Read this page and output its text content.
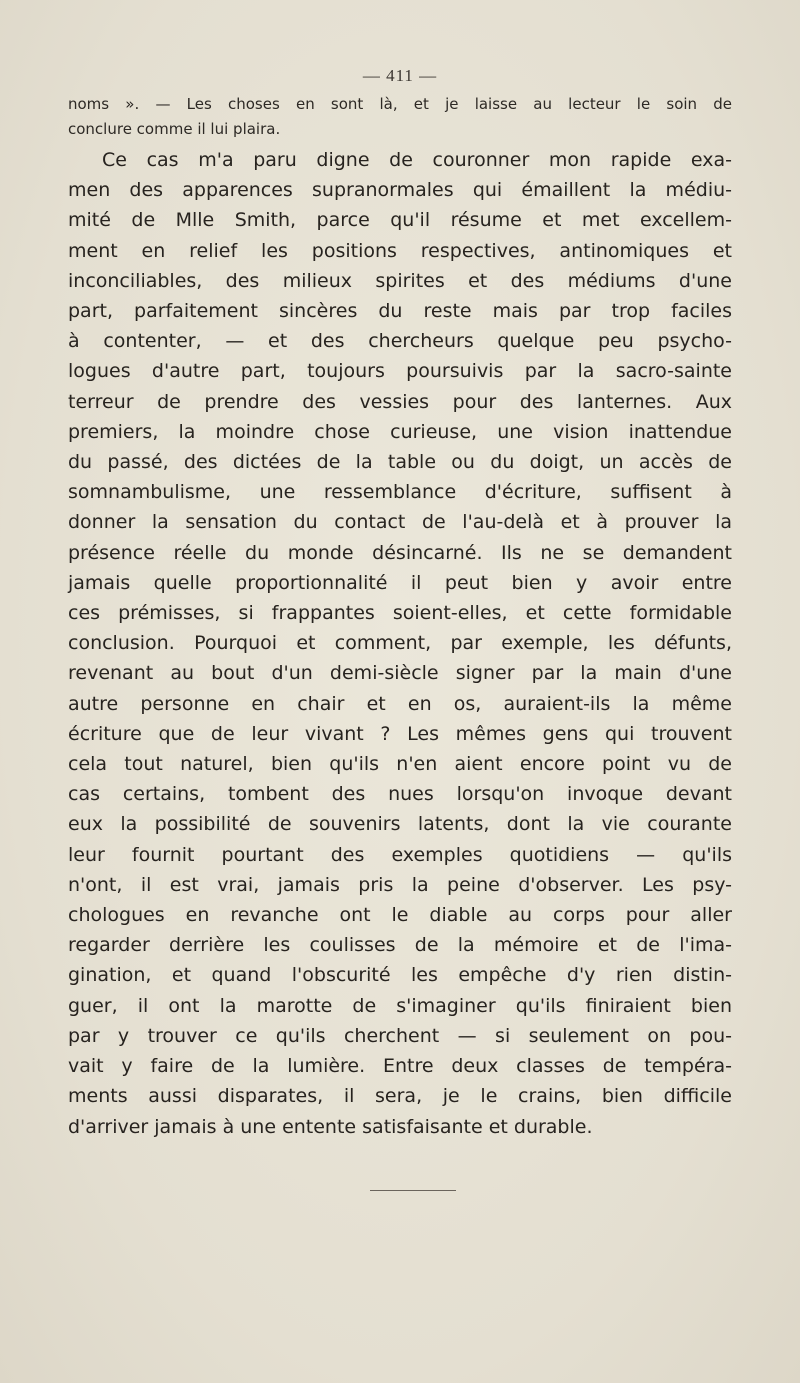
— 411 —
noms ». — Les choses en sont là, et je laisse au lecteur le soin de
conclure comme il lui plaira.
Ce cas m'a paru digne de couronner mon rapide exa-
men des apparences supranormales qui émaillent la médiu-
mité de Mlle Smith, parce qu'il résume et met excellem-
ment en relief les positions respectives, antinomiques et
inconciliables, des milieux spirites et des médiums d'une
part, parfaitement sincères du reste mais par trop faciles
à contenter, — et des chercheurs quelque peu psycho-
logues d'autre part, toujours poursuivis par la sacro-sainte
terreur de prendre des vessies pour des lanternes. Aux
premiers, la moindre chose curieuse, une vision inattendue
du passé, des dictées de la table ou du doigt, un accès de
somnambulisme, une ressemblance d'écriture, suffisent à
donner la sensation du contact de l'au-delà et à prouver la
présence réelle du monde désincarné. Ils ne se demandent
jamais quelle proportionnalité il peut bien y avoir entre
ces prémisses, si frappantes soient-elles, et cette formidable
conclusion. Pourquoi et comment, par exemple, les défunts,
revenant au bout d'un demi-siècle signer par la main d'une
autre personne en chair et en os, auraient-ils la même
écriture que de leur vivant ? Les mêmes gens qui trouvent
cela tout naturel, bien qu'ils n'en aient encore point vu de
cas certains, tombent des nues lorsqu'on invoque devant
eux la possibilité de souvenirs latents, dont la vie courante
leur fournit pourtant des exemples quotidiens — qu'ils
n'ont, il est vrai, jamais pris la peine d'observer. Les psy-
chologues en revanche ont le diable au corps pour aller
regarder derrière les coulisses de la mémoire et de l'ima-
gination, et quand l'obscurité les empêche d'y rien distin-
guer, il ont la marotte de s'imaginer qu'ils finiraient bien
par y trouver ce qu'ils cherchent — si seulement on pou-
vait y faire de la lumière. Entre deux classes de tempéra-
ments aussi disparates, il sera, je le crains, bien difficile
d'arriver jamais à une entente satisfaisante et durable.
